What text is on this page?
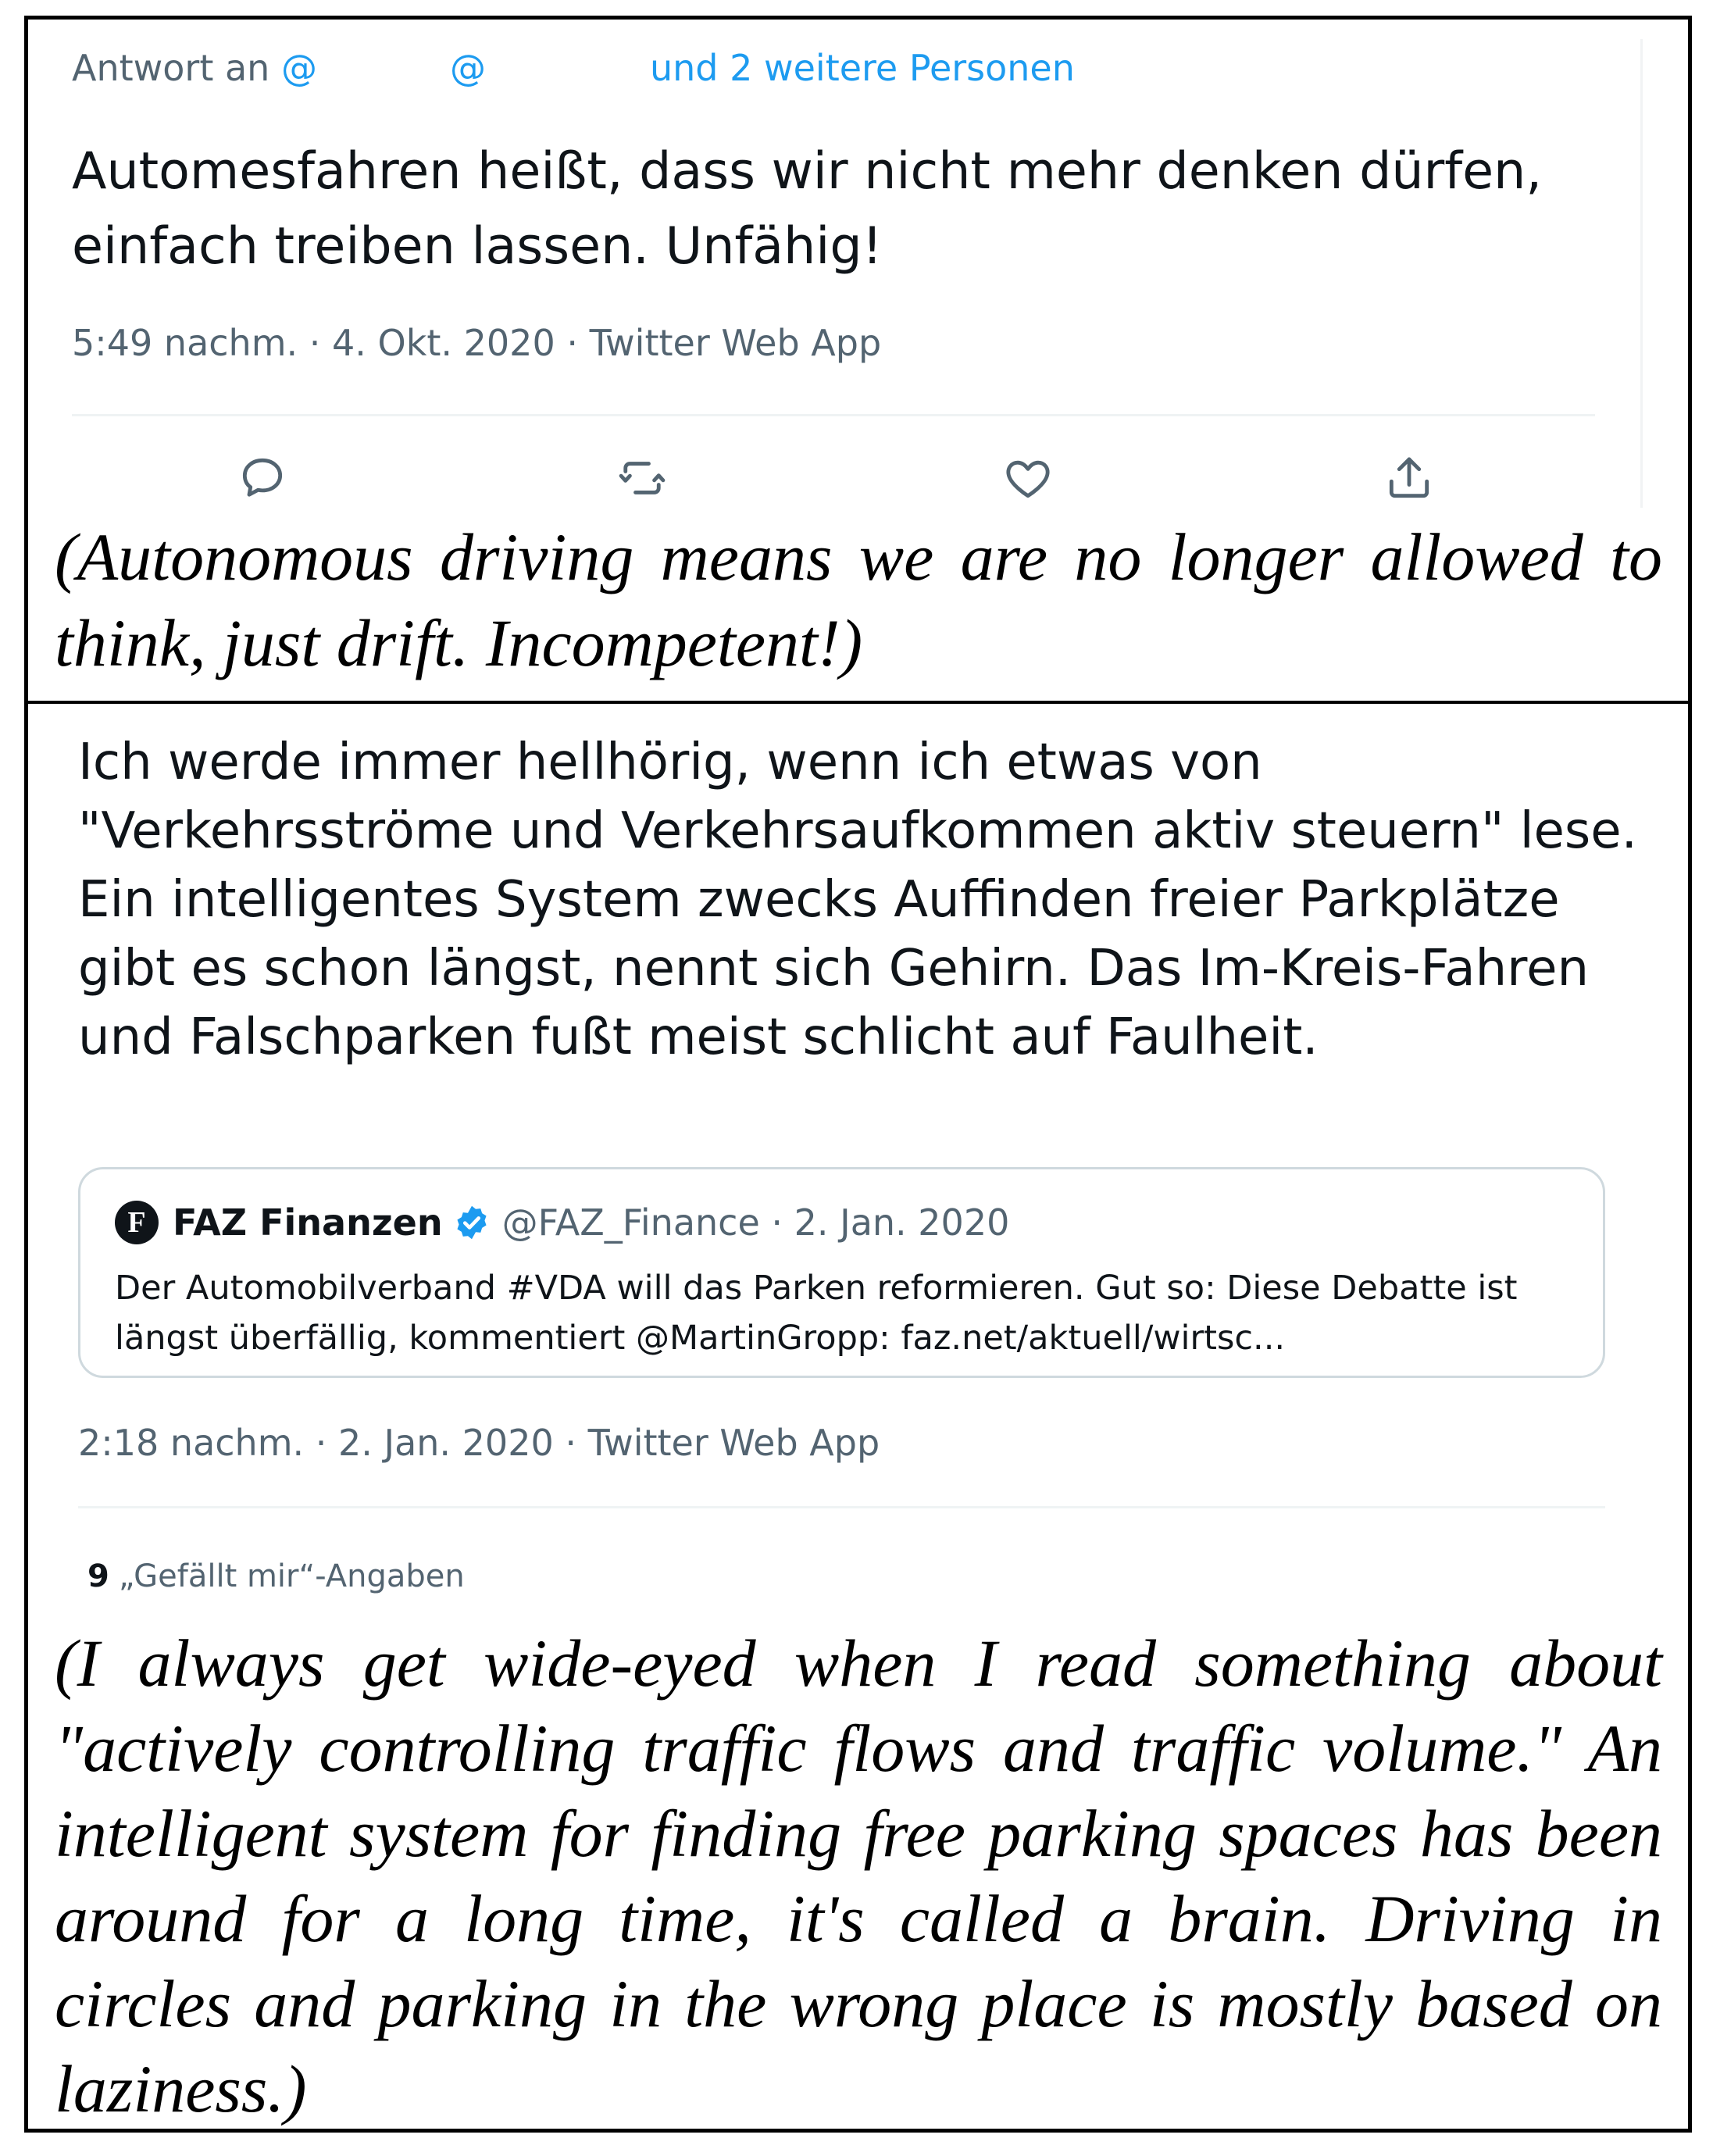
Antwort an @	@	und 2 weitere Personen
Automesfahren heißt, dass wir nicht mehr denken dürfen, einfach treiben lassen. Unfähig!
5:49 nachm. · 4. Okt. 2020 · Twitter Web App
(Autonomous driving means we are no longer allowed to think, just drift. Incompetent!)
Ich werde immer hellhörig, wenn ich etwas von "Verkehrsströme und Verkehrsaufkommen aktiv steuern" lese. Ein intelligentes System zwecks Auffinden freier Parkplätze gibt es schon längst, nennt sich Gehirn. Das Im-Kreis-Fahren und Falschparken fußt meist schlicht auf Faulheit.
F FAZ Finanzen @FAZ_Finance · 2. Jan. 2020
Der Automobilverband #VDA will das Parken reformieren. Gut so: Diese Debatte ist längst überfällig, kommentiert @MartinGropp: faz.net/aktuell/wirtsc...
2:18 nachm. · 2. Jan. 2020 · Twitter Web App
9 „Gefällt mir“-Angaben
(I always get wide-eyed when I read something about "actively controlling traffic flows and traffic volume." An intelligent system for finding free parking spaces has been around for a long time, it's called a brain. Driving in circles and parking in the wrong place is mostly based on laziness.)
